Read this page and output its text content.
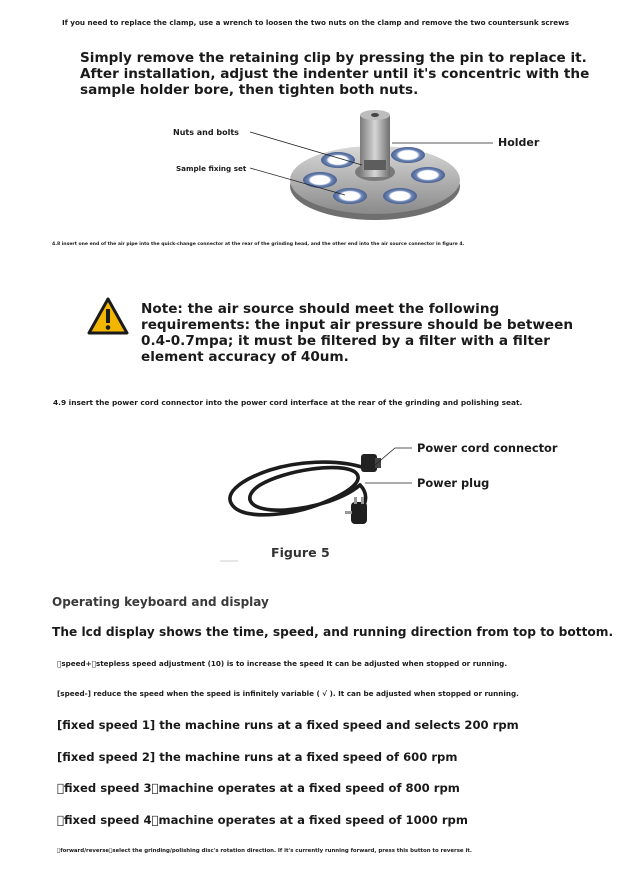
If you need to replace the clamp, use a wrench to loosen the two nuts on the clamp and remove the two countersunk screws
Simply remove the retaining clip by pressing the pin to replace it. After installation, adjust the indenter until it's concentric with the sample holder bore, then tighten both nuts.
Nuts and bolts
Sample fixing set
Holder
4.8 insert one end of the air pipe into the quick-change connector at the rear of the grinding head, and the other end into the air source connector in figure 4.
Note: the air source should meet the following requirements: the input air pressure should be between 0.4-0.7mpa; it must be filtered by a filter with a filter element accuracy of 40um.
4.9 insert the power cord connector into the power cord interface at the rear of the grinding and polishing seat.
Power cord connector
Power plug
Figure 5
Operating keyboard and display
The lcd display shows the time, speed, and running direction from top to bottom.
 speed+ stepless speed adjustment (10) is to increase the speed It can be adjusted when stopped or running.
[speed-] reduce the speed when the speed is infinitely variable ( √ ). It can be adjusted when stopped or running.
[fixed speed 1] the machine runs at a fixed speed and selects 200 rpm
[fixed speed 2] the machine runs at a fixed speed of 600 rpm
 fixed speed 3 machine operates at a fixed speed of 800 rpm
 fixed speed 4 machine operates at a fixed speed of 1000 rpm
 forward/reverse select the grinding/polishing disc's rotation direction. If it's currently running forward, press this button to reverse it.
